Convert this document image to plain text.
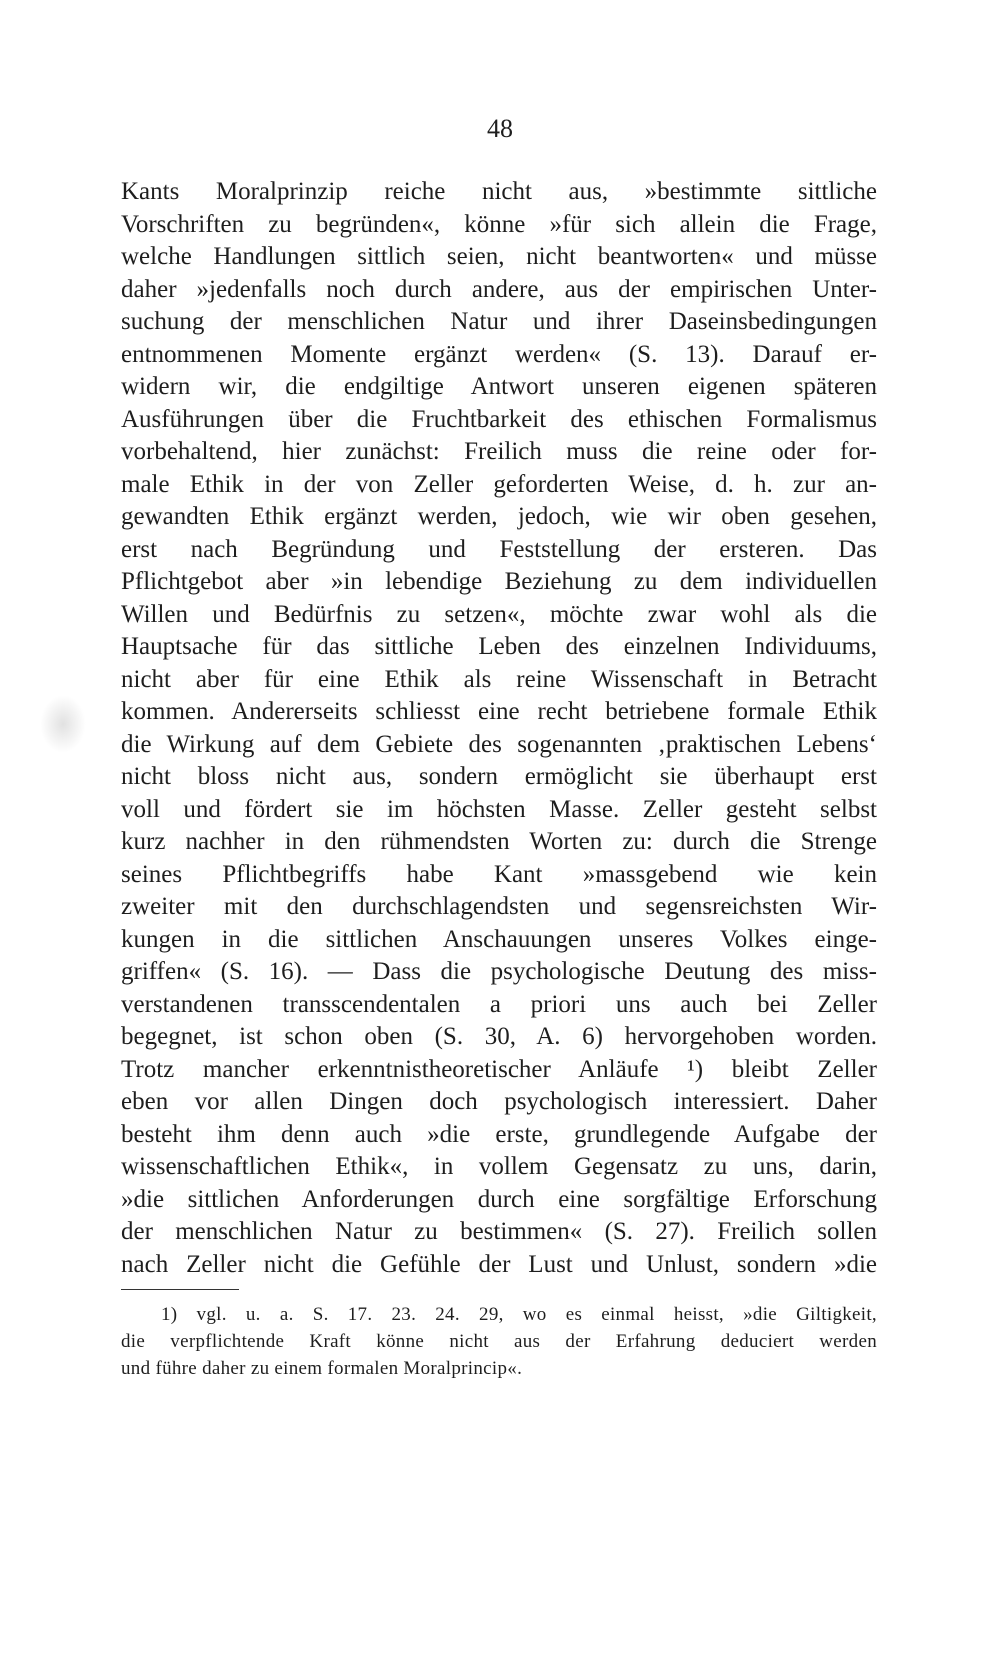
48
Kants Moralprinzip reiche nicht aus, »bestimmte sittliche
Vorschriften zu begründen«, könne »für sich allein die Frage,
welche Handlungen sittlich seien, nicht beantworten« und müsse
daher »jedenfalls noch durch andere, aus der empirischen Unter-
suchung der menschlichen Natur und ihrer Daseinsbedingungen
entnommenen Momente ergänzt werden« (S. 13). Darauf er-
widern wir, die endgiltige Antwort unseren eigenen späteren
Ausführungen über die Fruchtbarkeit des ethischen Formalismus
vorbehaltend, hier zunächst: Freilich muss die reine oder for-
male Ethik in der von Zeller geforderten Weise, d. h. zur an-
gewandten Ethik ergänzt werden, jedoch, wie wir oben gesehen,
erst nach Begründung und Feststellung der ersteren. Das
Pflichtgebot aber »in lebendige Beziehung zu dem individuellen
Willen und Bedürfnis zu setzen«, möchte zwar wohl als die
Hauptsache für das sittliche Leben des einzelnen Individuums,
nicht aber für eine Ethik als reine Wissenschaft in Betracht
kommen. Andererseits schliesst eine recht betriebene formale Ethik
die Wirkung auf dem Gebiete des sogenannten ‚praktischen Lebens‘
nicht bloss nicht aus, sondern ermöglicht sie überhaupt erst
voll und fördert sie im höchsten Masse. Zeller gesteht selbst
kurz nachher in den rühmendsten Worten zu: durch die Strenge
seines Pflichtbegriffs habe Kant »massgebend wie kein
zweiter mit den durchschlagendsten und segensreichsten Wir-
kungen in die sittlichen Anschauungen unseres Volkes einge-
griffen« (S. 16). — Dass die psychologische Deutung des miss-
verstandenen transscendentalen a priori uns auch bei Zeller
begegnet, ist schon oben (S. 30, A. 6) hervorgehoben worden.
Trotz mancher erkenntnistheoretischer Anläufe ¹) bleibt Zeller
eben vor allen Dingen doch psychologisch interessiert. Daher
besteht ihm denn auch »die erste, grundlegende Aufgabe der
wissenschaftlichen Ethik«, in vollem Gegensatz zu uns, darin,
»die sittlichen Anforderungen durch eine sorgfältige Erforschung
der menschlichen Natur zu bestimmen« (S. 27). Freilich sollen
nach Zeller nicht die Gefühle der Lust und Unlust, sondern »die
1) vgl. u. a. S. 17. 23. 24. 29, wo es einmal heisst, »die Giltigkeit,
die verpflichtende Kraft könne nicht aus der Erfahrung deduciert werden
und führe daher zu einem formalen Moralprincip«.
